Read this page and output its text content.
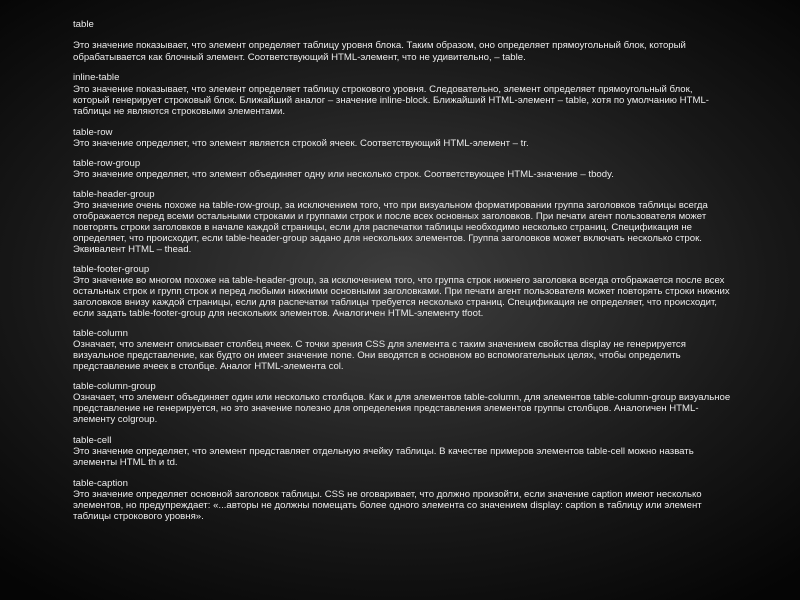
table

Это значение показывает, что элемент определяет таблицу уровня блока. Таким образом, оно определяет прямоугольный блок, который

обрабатывается как блочный элемент. Соответствующий HTML-элемент, что не удивительно, – table.

inline-table

Это значение показывает, что элемент определяет таблицу строкового уровня. Следовательно, элемент определяет прямоугольный блок,

который генерирует строковый блок. Ближайший аналог – значение inline-block. Ближайший HTML-элемент – table, хотя по умолчанию HTML-

таблицы не являются строковыми элементами.

table-row

Это значение определяет, что элемент является строкой ячеек. Соответствующий HTML-элемент – tr.

table-row-group

Это значение определяет, что элемент объединяет одну или несколько строк. Соответствующее HTML-значение – tbody.

table-header-group

Это значение очень похоже на table-row-group, за исключением того, что при визуальном форматировании группа заголовков таблицы всегда

отображается перед всеми остальными строками и группами строк и после всех основных заголовков. При печати агент пользователя может

повторять строки заголовков в начале каждой страницы, если для распечатки таблицы необходимо несколько страниц. Спецификация не

определяет, что происходит, если table-header-group задано для нескольких элементов. Группа заголовков может включать несколько строк.

Эквивалент HTML – thead.

table-footer-group

Это значение во многом похоже на table-header-group, за исключением того, что группа строк нижнего заголовка всегда отображается после всех

остальных строк и групп строк и перед любыми нижними основными заголовками. При печати агент пользователя может повторять строки нижних

заголовков внизу каждой страницы, если для распечатки таблицы требуется несколько страниц. Спецификация не определяет, что происходит,

если задать table-footer-group для нескольких элементов. Аналогичен HTML-элементу tfoot.

table-column

Означает, что элемент описывает столбец ячеек. С точки зрения CSS для элемента с таким значением свойства display не генерируется

визуальное представление, как будто он имеет значение none. Они вводятся в основном во вспомогательных целях, чтобы определить

представление ячеек в столбце. Аналог HTML-элемента col.

table-column-group

Означает, что элемент объединяет один или несколько столбцов. Как и для элементов table-column, для элементов table-column-group визуальное

представление не генерируется, но это значение полезно для определения представления элементов группы столбцов. Аналогичен HTML-

элементу colgroup.

table-cell

Это значение определяет, что элемент представляет отдельную ячейку таблицы. В качестве примеров элементов table-cell можно назвать

элементы HTML th и td.

table-caption

Это значение определяет основной заголовок таблицы. CSS не оговаривает, что должно произойти, если значение caption имеют несколько

элементов, но предупреждает: «...авторы не должны помещать более одного элемента со значением display: caption в таблицу или элемент

таблицы строкового уровня».
